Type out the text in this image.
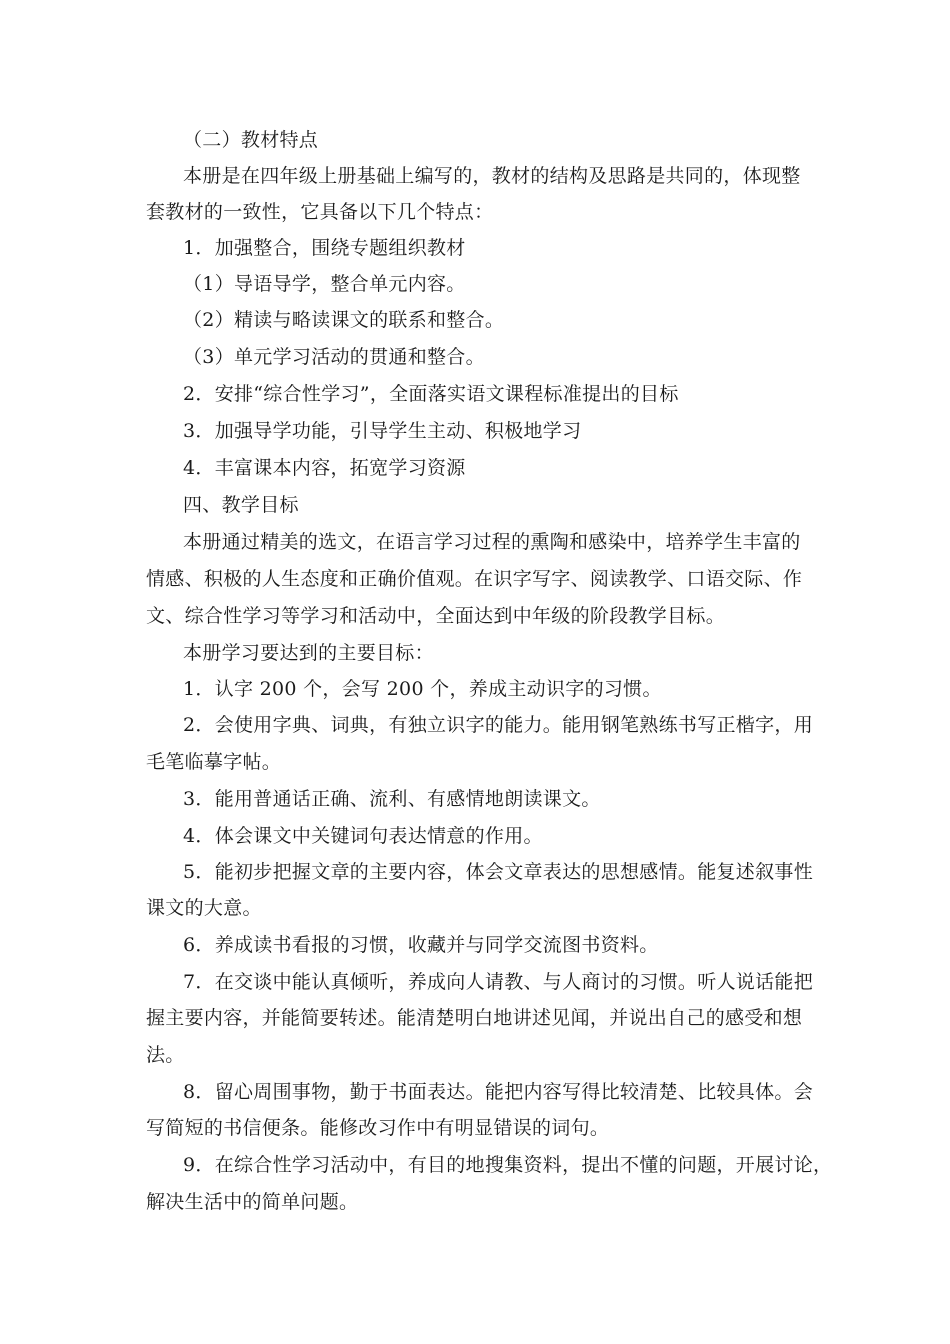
（二）教材特点
本册是在四年级上册基础上编写的，教材的结构及思路是共同的，体现整
套教材的一致性，它具备以下几个特点：
1．加强整合，围绕专题组织教材
（1）导语导学，整合单元内容。
（2）精读与略读课文的联系和整合。
（3）单元学习活动的贯通和整合。
2．安排“综合性学习”，全面落实语文课程标准提出的目标
3．加强导学功能，引导学生主动、积极地学习
4．丰富课本内容，拓宽学习资源
四、教学目标
本册通过精美的选文，在语言学习过程的熏陶和感染中，培养学生丰富的
情感、积极的人生态度和正确价值观。在识字写字、阅读教学、口语交际、作
文、综合性学习等学习和活动中，全面达到中年级的阶段教学目标。
本册学习要达到的主要目标：
1．认字 200 个，会写 200 个，养成主动识字的习惯。
2．会使用字典、词典，有独立识字的能力。能用钢笔熟练书写正楷字，用
毛笔临摹字帖。
3．能用普通话正确、流利、有感情地朗读课文。
4．体会课文中关键词句表达情意的作用。
5．能初步把握文章的主要内容，体会文章表达的思想感情。能复述叙事性
课文的大意。
6．养成读书看报的习惯，收藏并与同学交流图书资料。
7．在交谈中能认真倾听，养成向人请教、与人商讨的习惯。听人说话能把
握主要内容，并能简要转述。能清楚明白地讲述见闻，并说出自己的感受和想
法。
8．留心周围事物，勤于书面表达。能把内容写得比较清楚、比较具体。会
写简短的书信便条。能修改习作中有明显错误的词句。
9．在综合性学习活动中，有目的地搜集资料，提出不懂的问题，开展讨论，
解决生活中的简单问题。
